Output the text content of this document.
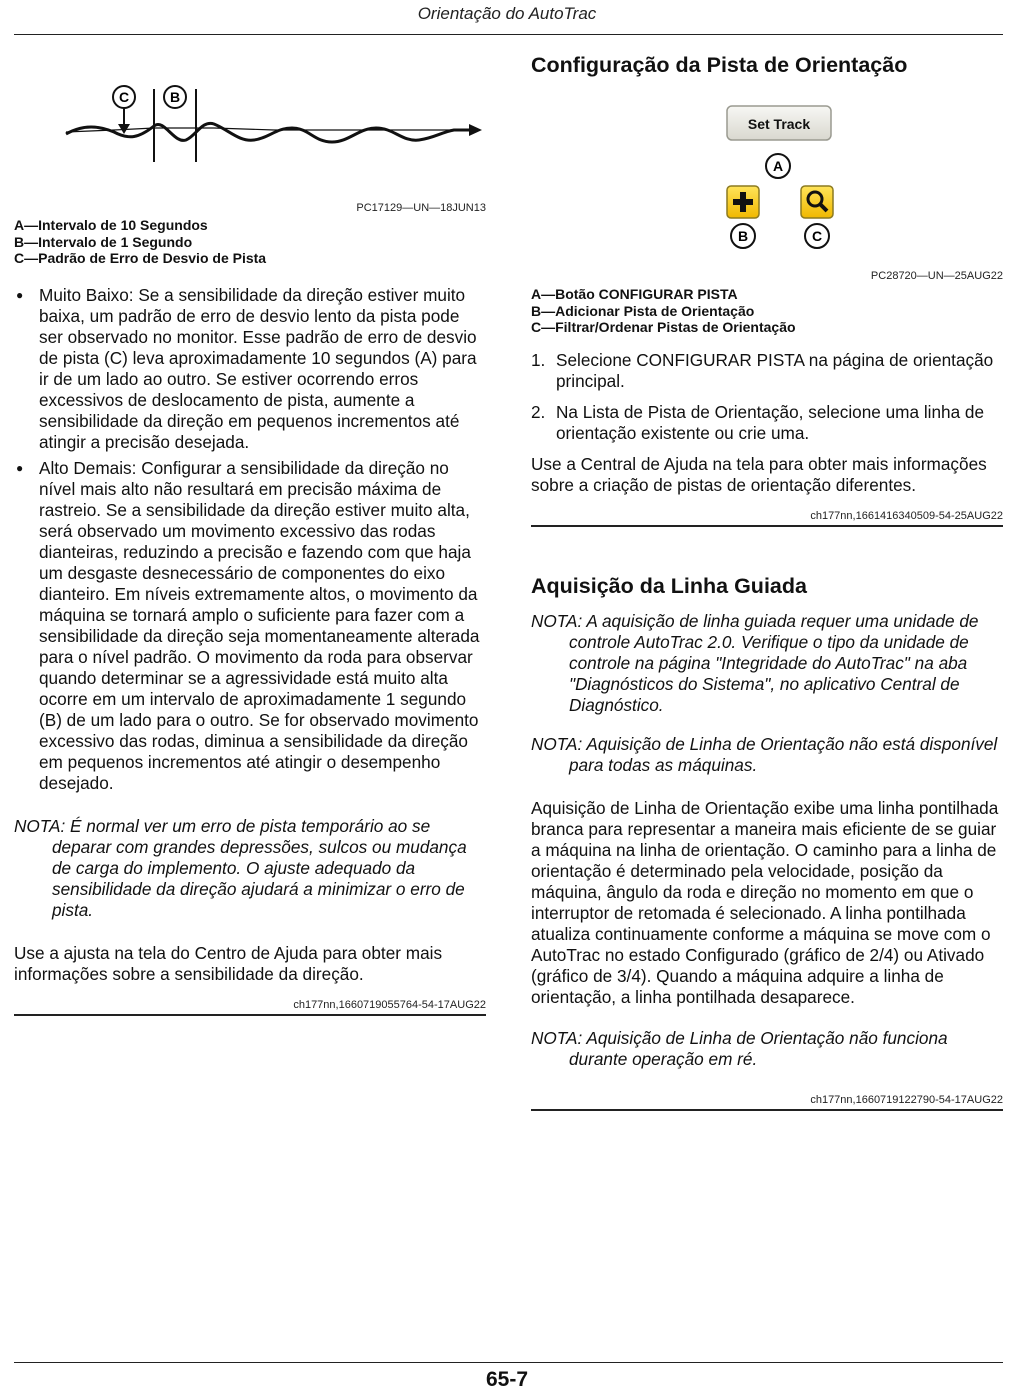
Orientação do AutoTrac
C	B
PC17129—UN—18JUN13
A—Intervalo de 10 Segundos
B—Intervalo de 1 Segundo
C—Padrão de Erro de Desvio de Pista
● Muito Baixo: Se a sensibilidade da direção estiver muito baixa, um padrão de erro de desvio lento da pista pode ser observado no monitor. Esse padrão de erro de desvio de pista (C) leva aproximadamente 10 segundos (A) para ir de um lado ao outro. Se estiver ocorrendo erros excessivos de deslocamento de pista, aumente a sensibilidade da direção em pequenos incrementos até atingir a precisão desejada.
● Alto Demais: Configurar a sensibilidade da direção no nível mais alto não resultará em precisão máxima de rastreio. Se a sensibilidade da direção estiver muito alta, será observado um movimento excessivo das rodas dianteiras, reduzindo a precisão e fazendo com que haja um desgaste desnecessário de componentes do eixo dianteiro. Em níveis extremamente altos, o movimento da máquina se tornará amplo o suficiente para fazer com a sensibilidade da direção seja momentaneamente alterada para o nível padrão. O movimento da roda para observar quando determinar se a agressividade está muito alta ocorre em um intervalo de aproximadamente 1 segundo (B) de um lado para o outro. Se for observado movimento excessivo das rodas, diminua a sensibilidade da direção em pequenos incrementos até atingir o desempenho desejado.
NOTA: É normal ver um erro de pista temporário ao se deparar com grandes depressões, sulcos ou mudança de carga do implemento. O ajuste adequado da sensibilidade da direção ajudará a minimizar o erro de pista.
Use a ajusta na tela do Centro de Ajuda para obter mais informações sobre a sensibilidade da direção.
ch177nn,1660719055764-54-17AUG22
Configuração da Pista de Orientação
Set Track
A
B	C
PC28720—UN—25AUG22
A—Botão CONFIGURAR PISTA
B—Adicionar Pista de Orientação
C—Filtrar/Ordenar Pistas de Orientação
1. Selecione CONFIGURAR PISTA na página de orientação principal.
2. Na Lista de Pista de Orientação, selecione uma linha de orientação existente ou crie uma.
Use a Central de Ajuda na tela para obter mais informações sobre a criação de pistas de orientação diferentes.
ch177nn,1661416340509-54-25AUG22
Aquisição da Linha Guiada
NOTA: A aquisição de linha guiada requer uma unidade de controle AutoTrac 2.0. Verifique o tipo da unidade de controle na página "Integridade do AutoTrac" na aba "Diagnósticos do Sistema", no aplicativo Central de Diagnóstico.
NOTA: Aquisição de Linha de Orientação não está disponível para todas as máquinas.
Aquisição de Linha de Orientação exibe uma linha pontilhada branca para representar a maneira mais eficiente de se guiar a máquina na linha de orientação. O caminho para a linha de orientação é determinado pela velocidade, posição da máquina, ângulo da roda e direção no momento em que o interruptor de retomada é selecionado. A linha pontilhada atualiza continuamente conforme a máquina se move com o AutoTrac no estado Configurado (gráfico de 2/4) ou Ativado (gráfico de 3/4). Quando a máquina adquire a linha de orientação, a linha pontilhada desaparece.
NOTA: Aquisição de Linha de Orientação não funciona durante operação em ré.
ch177nn,1660719122790-54-17AUG22
65-7
